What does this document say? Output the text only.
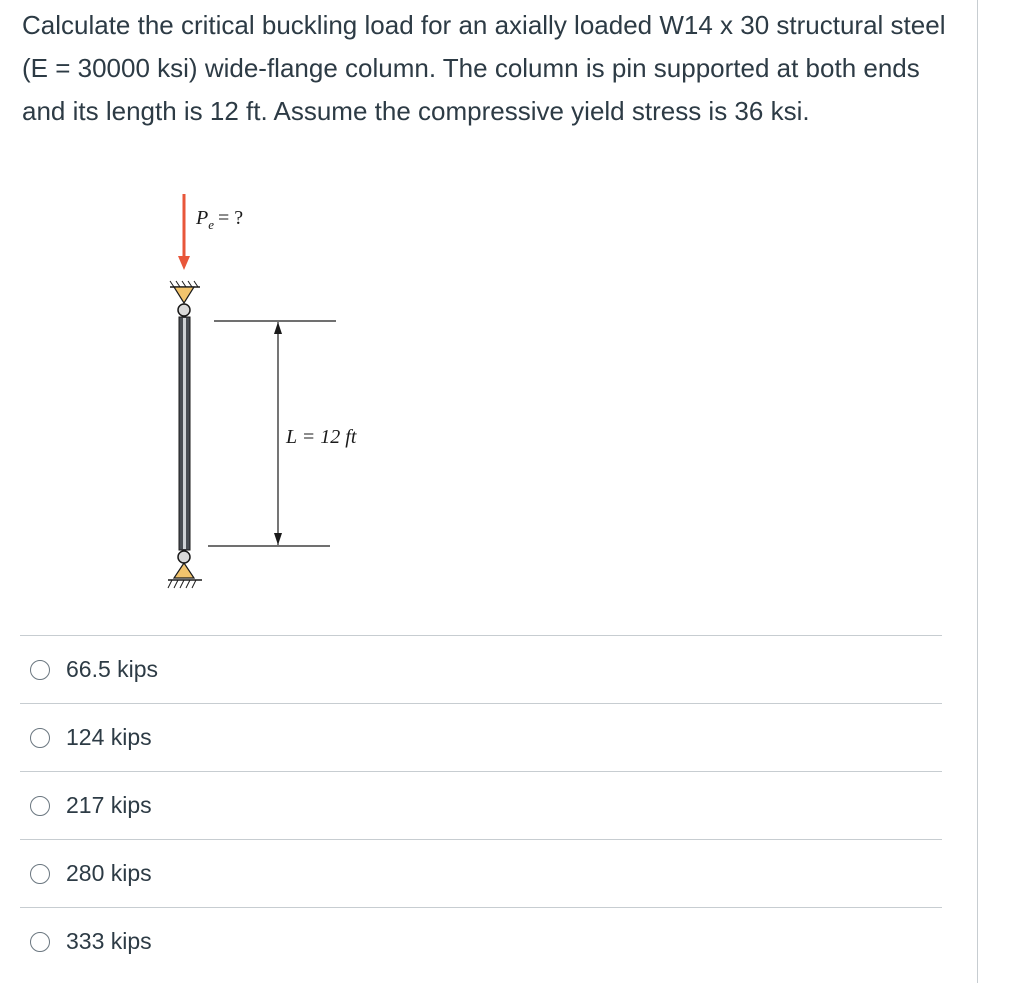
Calculate the critical buckling load for an axially loaded W14 x 30 structural steel (E = 30000 ksi) wide-flange column. The column is pin supported at both ends and its length is 12 ft. Assume the compressive yield stress is 36 ksi.

$P_e$ = ?
L = 12 ft
66.5 kips
124 kips
217 kips
280 kips
333 kips
